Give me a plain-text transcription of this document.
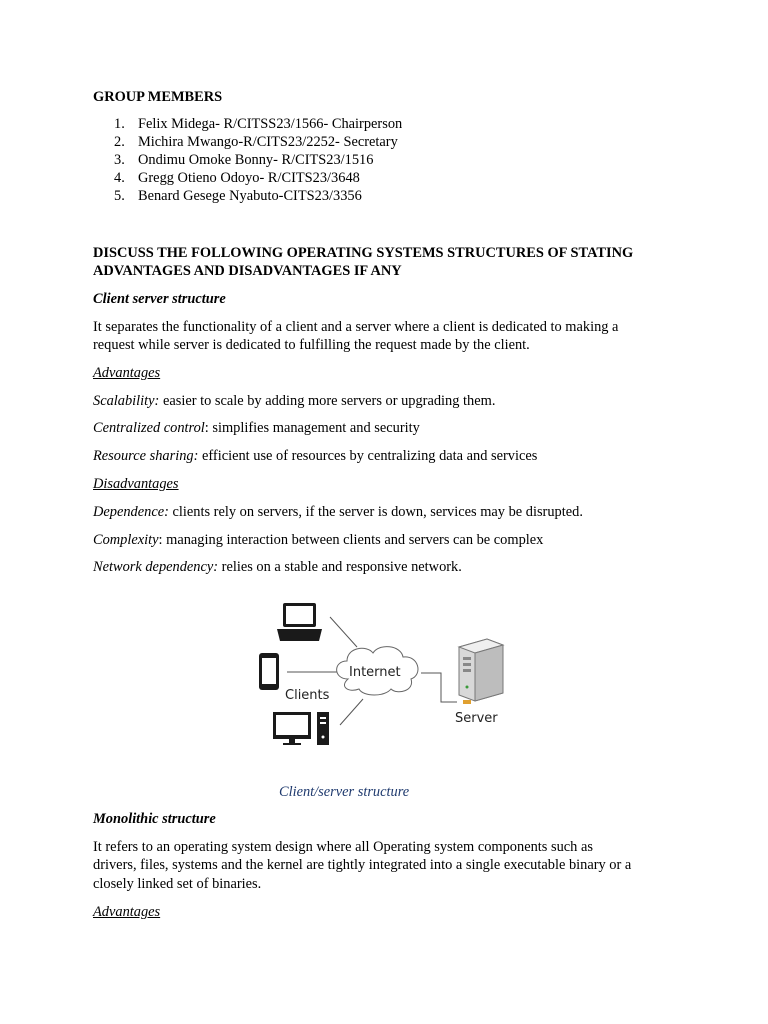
GROUP MEMBERS
1. Felix Midega- R/CITSS23/1566- Chairperson
2. Michira Mwango-R/CITS23/2252- Secretary
3. Ondimu Omoke Bonny- R/CITS23/1516
4. Gregg Otieno Odoyo- R/CITS23/3648
5. Benard Gesege Nyabuto-CITS23/3356
DISCUSS THE FOLLOWING OPERATING SYSTEMS STRUCTURES OF STATING
ADVANTAGES AND DISADVANTAGES IF ANY
Client server structure
It separates the functionality of a client and a server where a client is dedicated to making a
request while server is dedicated to fulfilling the request made by the client.
Advantages
Scalability: easier to scale by adding more servers or upgrading them.
Centralized control: simplifies management and security
Resource sharing: efficient use of resources by centralizing data and services
Disadvantages
Dependence: clients rely on servers, if the server is down, services may be disrupted.
Complexity: managing interaction between clients and servers can be complex
Network dependency: relies on a stable and responsive network.
Internet
Clients
Server
Client/server structure
Monolithic structure
It refers to an operating system design where all Operating system components such as
drivers, files, systems and the kernel are tightly integrated into a single executable binary or a
closely linked set of binaries.
Advantages
